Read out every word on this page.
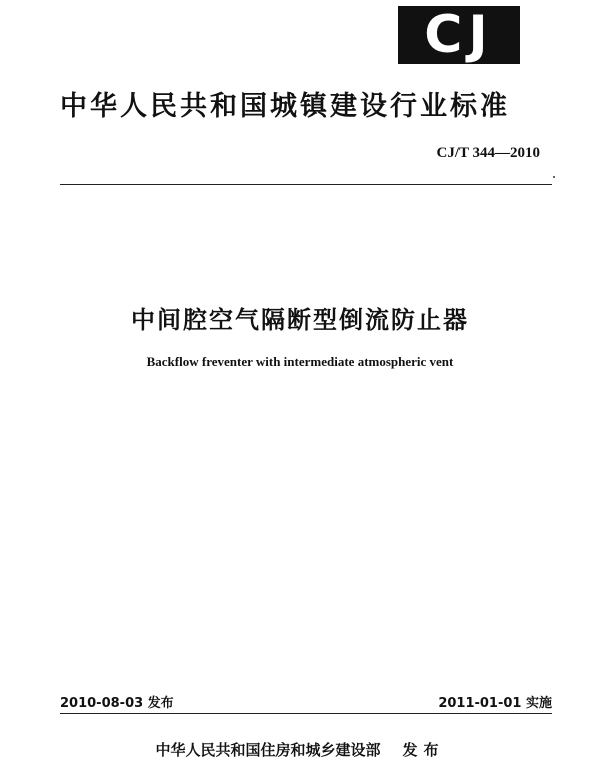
CJ
中华人民共和国城镇建设行业标准
CJ/T 344—2010
中间腔空气隔断型倒流防止器
Backflow freventer with intermediate atmospheric vent
2010-08-03 发布	2011-01-01 实施
中华人民共和国住房和城乡建设部 发布
